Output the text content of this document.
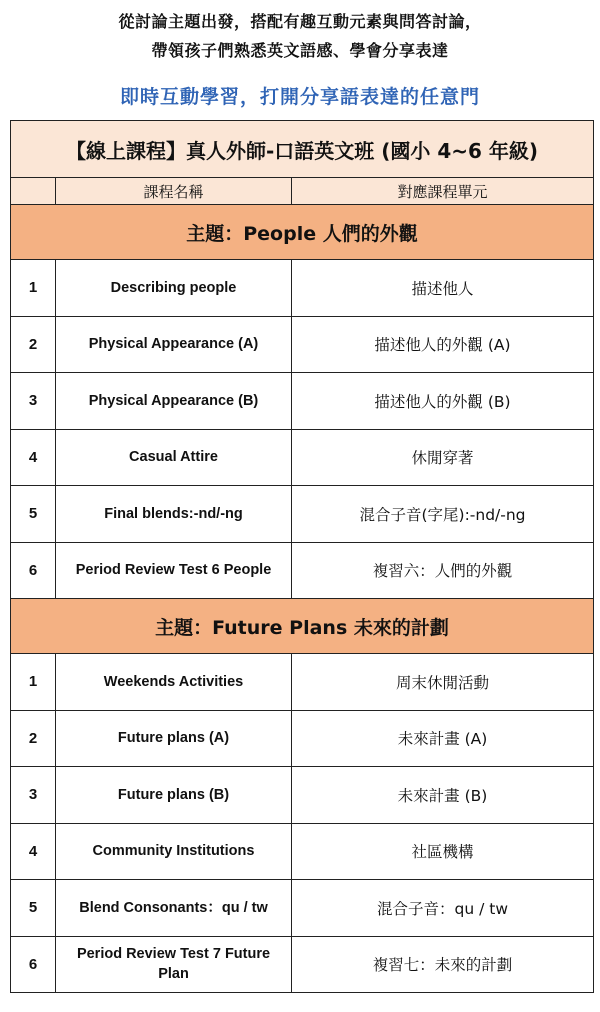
從討論主題出發，搭配有趣互動元素與問答討論，
帶領孩子們熟悉英文語感、學會分享表達
即時互動學習，打開分享語表達的任意門
【線上課程】真人外師-口語英文班 (國小 4~6 年級)		
	課程名稱	對應課程單元
主題：People 人們的外觀		
1	Describing people	描述他人
2	Physical Appearance (A)	描述他人的外觀 (A)
3	Physical Appearance (B)	描述他人的外觀 (B)
4	Casual Attire	休閒穿著
5	Final blends:-nd/-ng	混合子音(字尾):-nd/-ng
6	Period Review Test 6 People	複習六：人們的外觀
主題：Future Plans 未來的計劃		
1	Weekends Activities	周末休閒活動
2	Future plans (A)	未來計畫 (A)
3	Future plans (B)	未來計畫 (B)
4	Community Institutions	社區機構
5	Blend Consonants：qu / tw	混合子音：qu / tw
6	Period Review Test 7 Future Plan	複習七：未來的計劃
